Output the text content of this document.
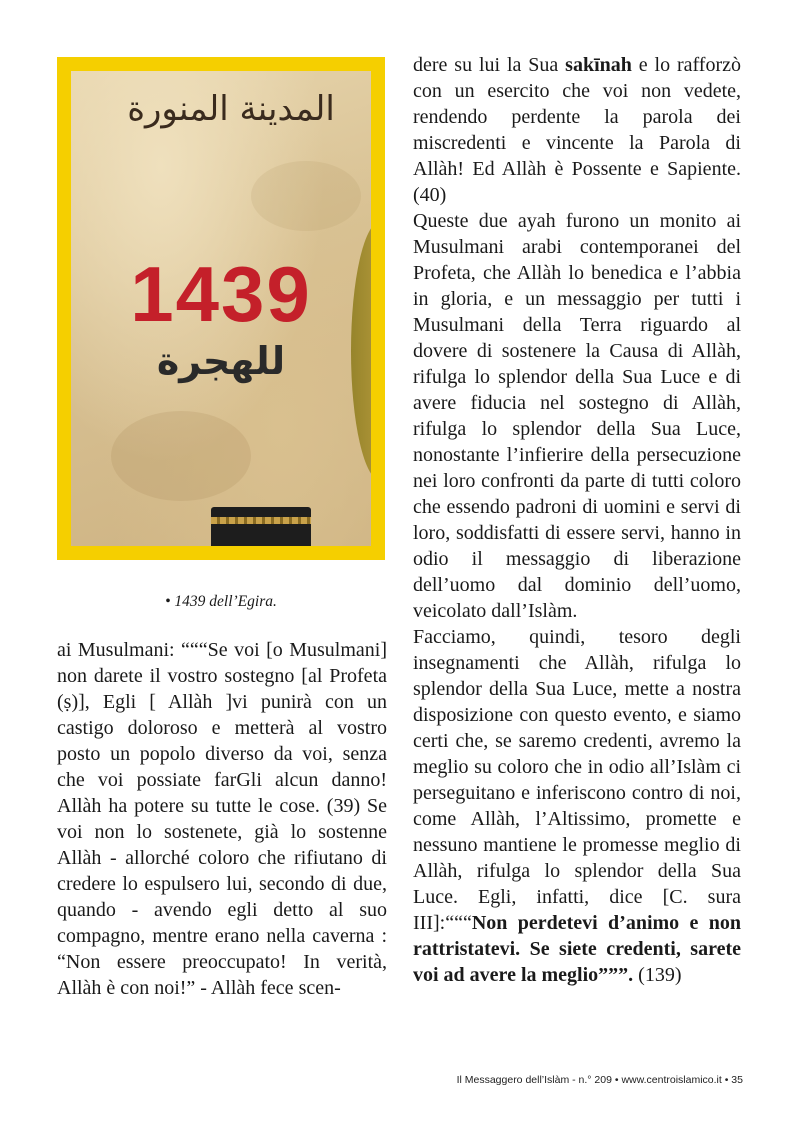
المدينة المنورة
1439
للهجرة
• 1439 dell’Egira.

ai Musulmani: “““Se voi [o Musulmani] non darete il vostro sostegno [al Profeta (ṣ)], Egli [ Allàh ]vi punirà con un castigo doloroso e metterà al vostro posto un popolo diverso da voi, senza che voi possiate farGli alcun danno! Allàh ha potere su tutte le cose. (39) Se voi non lo sostenete, già lo sostenne Allàh - allorché coloro che rifiutano di credere lo espulsero lui, secondo di due, quando - avendo egli detto al suo compagno, mentre erano nella caverna : “Non essere preoccupato! In verità, Allàh è con noi!” - Allàh fece scen-

dere su lui la Sua sakīnah e lo rafforzò con un esercito che voi non vedete, rendendo perdente la parola dei miscredenti e vincente la Parola di Allàh! Ed Allàh è Possente e Sapiente. (40)

Queste due ayah furono un monito ai Musulmani arabi contemporanei del Profeta, che Allàh lo benedica e l’abbia in gloria, e un messaggio per tutti i Musulmani della Terra riguardo al dovere di sostenere la Causa di Allàh, rifulga lo splendor della Sua Luce e di avere fiducia nel sostegno di Allàh, rifulga lo splendor della Sua Luce, nonostante l’infierire della persecuzione nei loro confronti da parte di tutti coloro che essendo padroni di uomini e servi di loro, soddisfatti di essere servi, hanno in odio il messaggio di liberazione dell’uomo dal dominio dell’uomo, veicolato dall’Islàm.

Facciamo, quindi, tesoro degli insegnamenti che Allàh, rifulga lo splendor della Sua Luce, mette a nostra disposizione con questo evento, e siamo certi che, se saremo credenti, avremo la meglio su coloro che in odio all’Islàm ci perseguitano e inferiscono contro di noi, come Allàh, l’Altissimo, promette e nessuno mantiene le promesse meglio di Allàh, rifulga lo splendor della Sua Luce. Egli, infatti, dice [C. sura III]:“““Non perdetevi d’animo e non rattristatevi. Se siete credenti, sarete voi ad avere la meglio”””. (139)

Il Messaggero dell’Islàm - n.° 209 • www.centroislamico.it • 35
